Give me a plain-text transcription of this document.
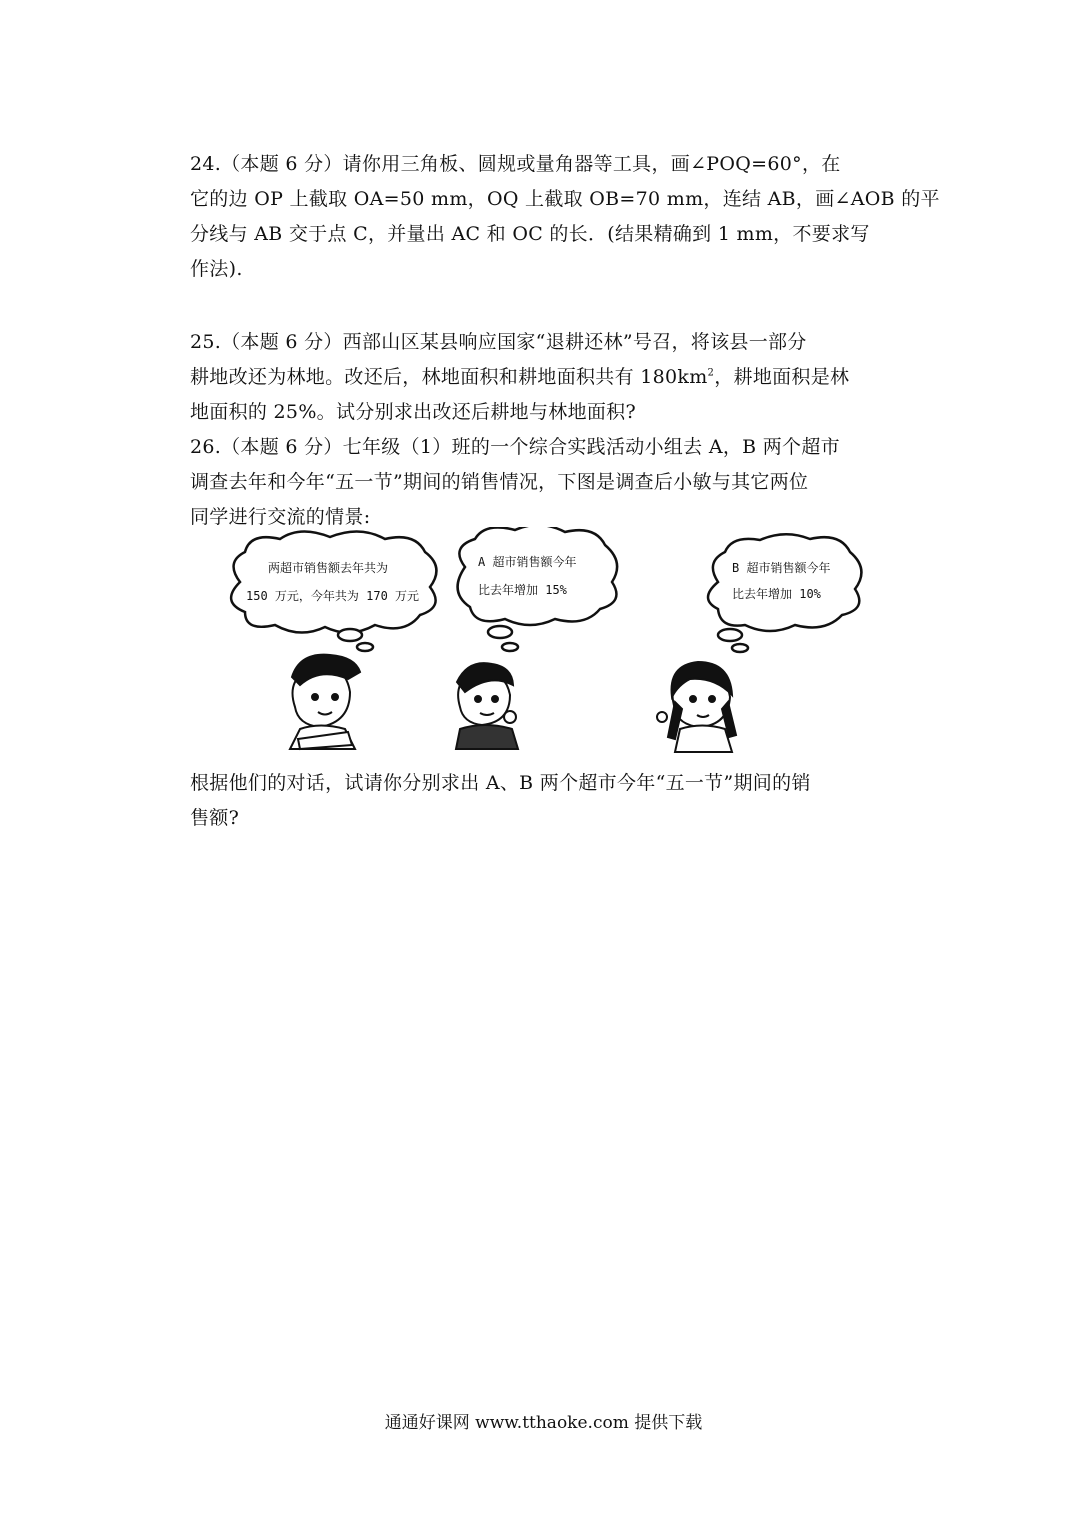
24.（本题 6 分）请你用三角板、圆规或量角器等工具，画∠POQ=60°，在
它的边 OP 上截取 OA=50 mm，OQ 上截取 OB=70 mm，连结 AB，画∠AOB 的平
分线与 AB 交于点 C，并量出 AC 和 OC 的长．(结果精确到 1 mm，不要求写
作法).
25.（本题 6 分）西部山区某县响应国家“退耕还林”号召，将该县一部分
耕地改还为林地。改还后，林地面积和耕地面积共有 $180km^2$，耕地面积是林
地面积的 25%。试分别求出改还后耕地与林地面积?
26.（本题 6 分）七年级（1）班的一个综合实践活动小组去 A，B 两个超市
调查去年和今年“五一节”期间的销售情况，下图是调查后小敏与其它两位
同学进行交流的情景:
两超市销售额去年共为
150 万元，今年共为 170 万元
A 超市销售额今年
比去年增加 15%
B 超市销售额今年
比去年增加 10%
根据他们的对话，试请你分别求出 A、B 两个超市今年“五一节”期间的销
售额?
通通好课网 www.tthaoke.com 提供下载
